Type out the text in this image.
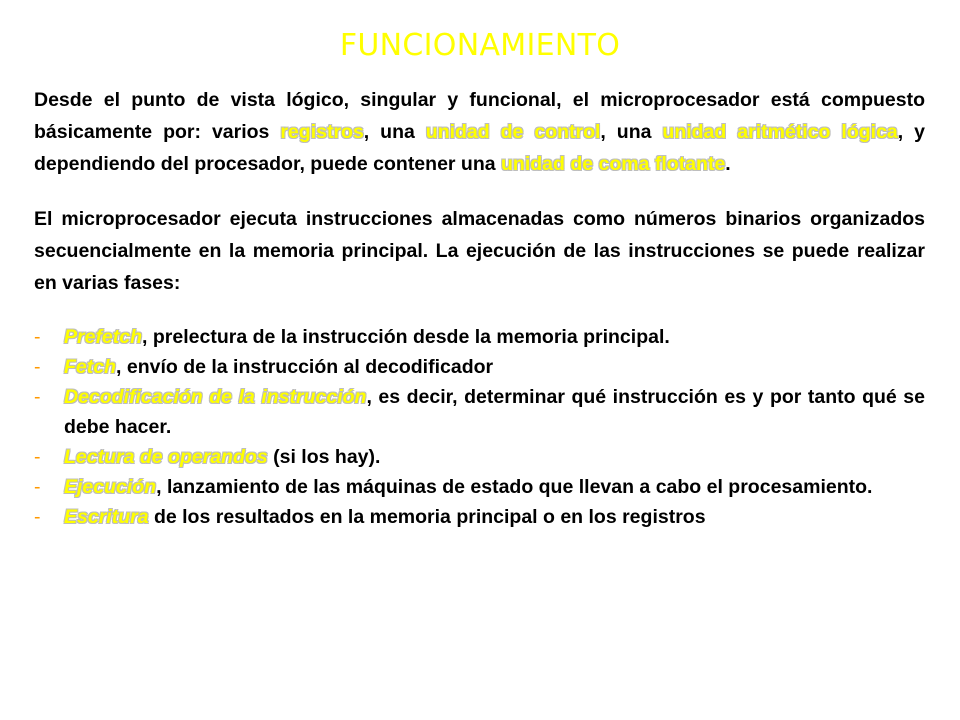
FUNCIONAMIENTO

Desde el punto de vista lógico, singular y funcional, el microprocesador está compuesto básicamente por: varios registros, una unidad de control, una unidad aritmético lógica, y dependiendo del procesador, puede contener una unidad de coma flotante.

El microprocesador ejecuta instrucciones almacenadas como números binarios organizados secuencialmente en la memoria principal. La ejecución de las instrucciones se puede realizar en varias fases:

- Prefetch, prelectura de la instrucción desde la memoria principal.
- Fetch, envío de la instrucción al decodificador
- Decodificación de la instrucción, es decir, determinar qué instrucción es y por tanto qué se debe hacer.
- Lectura de operandos (si los hay).
- Ejecución, lanzamiento de las máquinas de estado que llevan a cabo el procesamiento.
- Escritura de los resultados en la memoria principal o en los registros
